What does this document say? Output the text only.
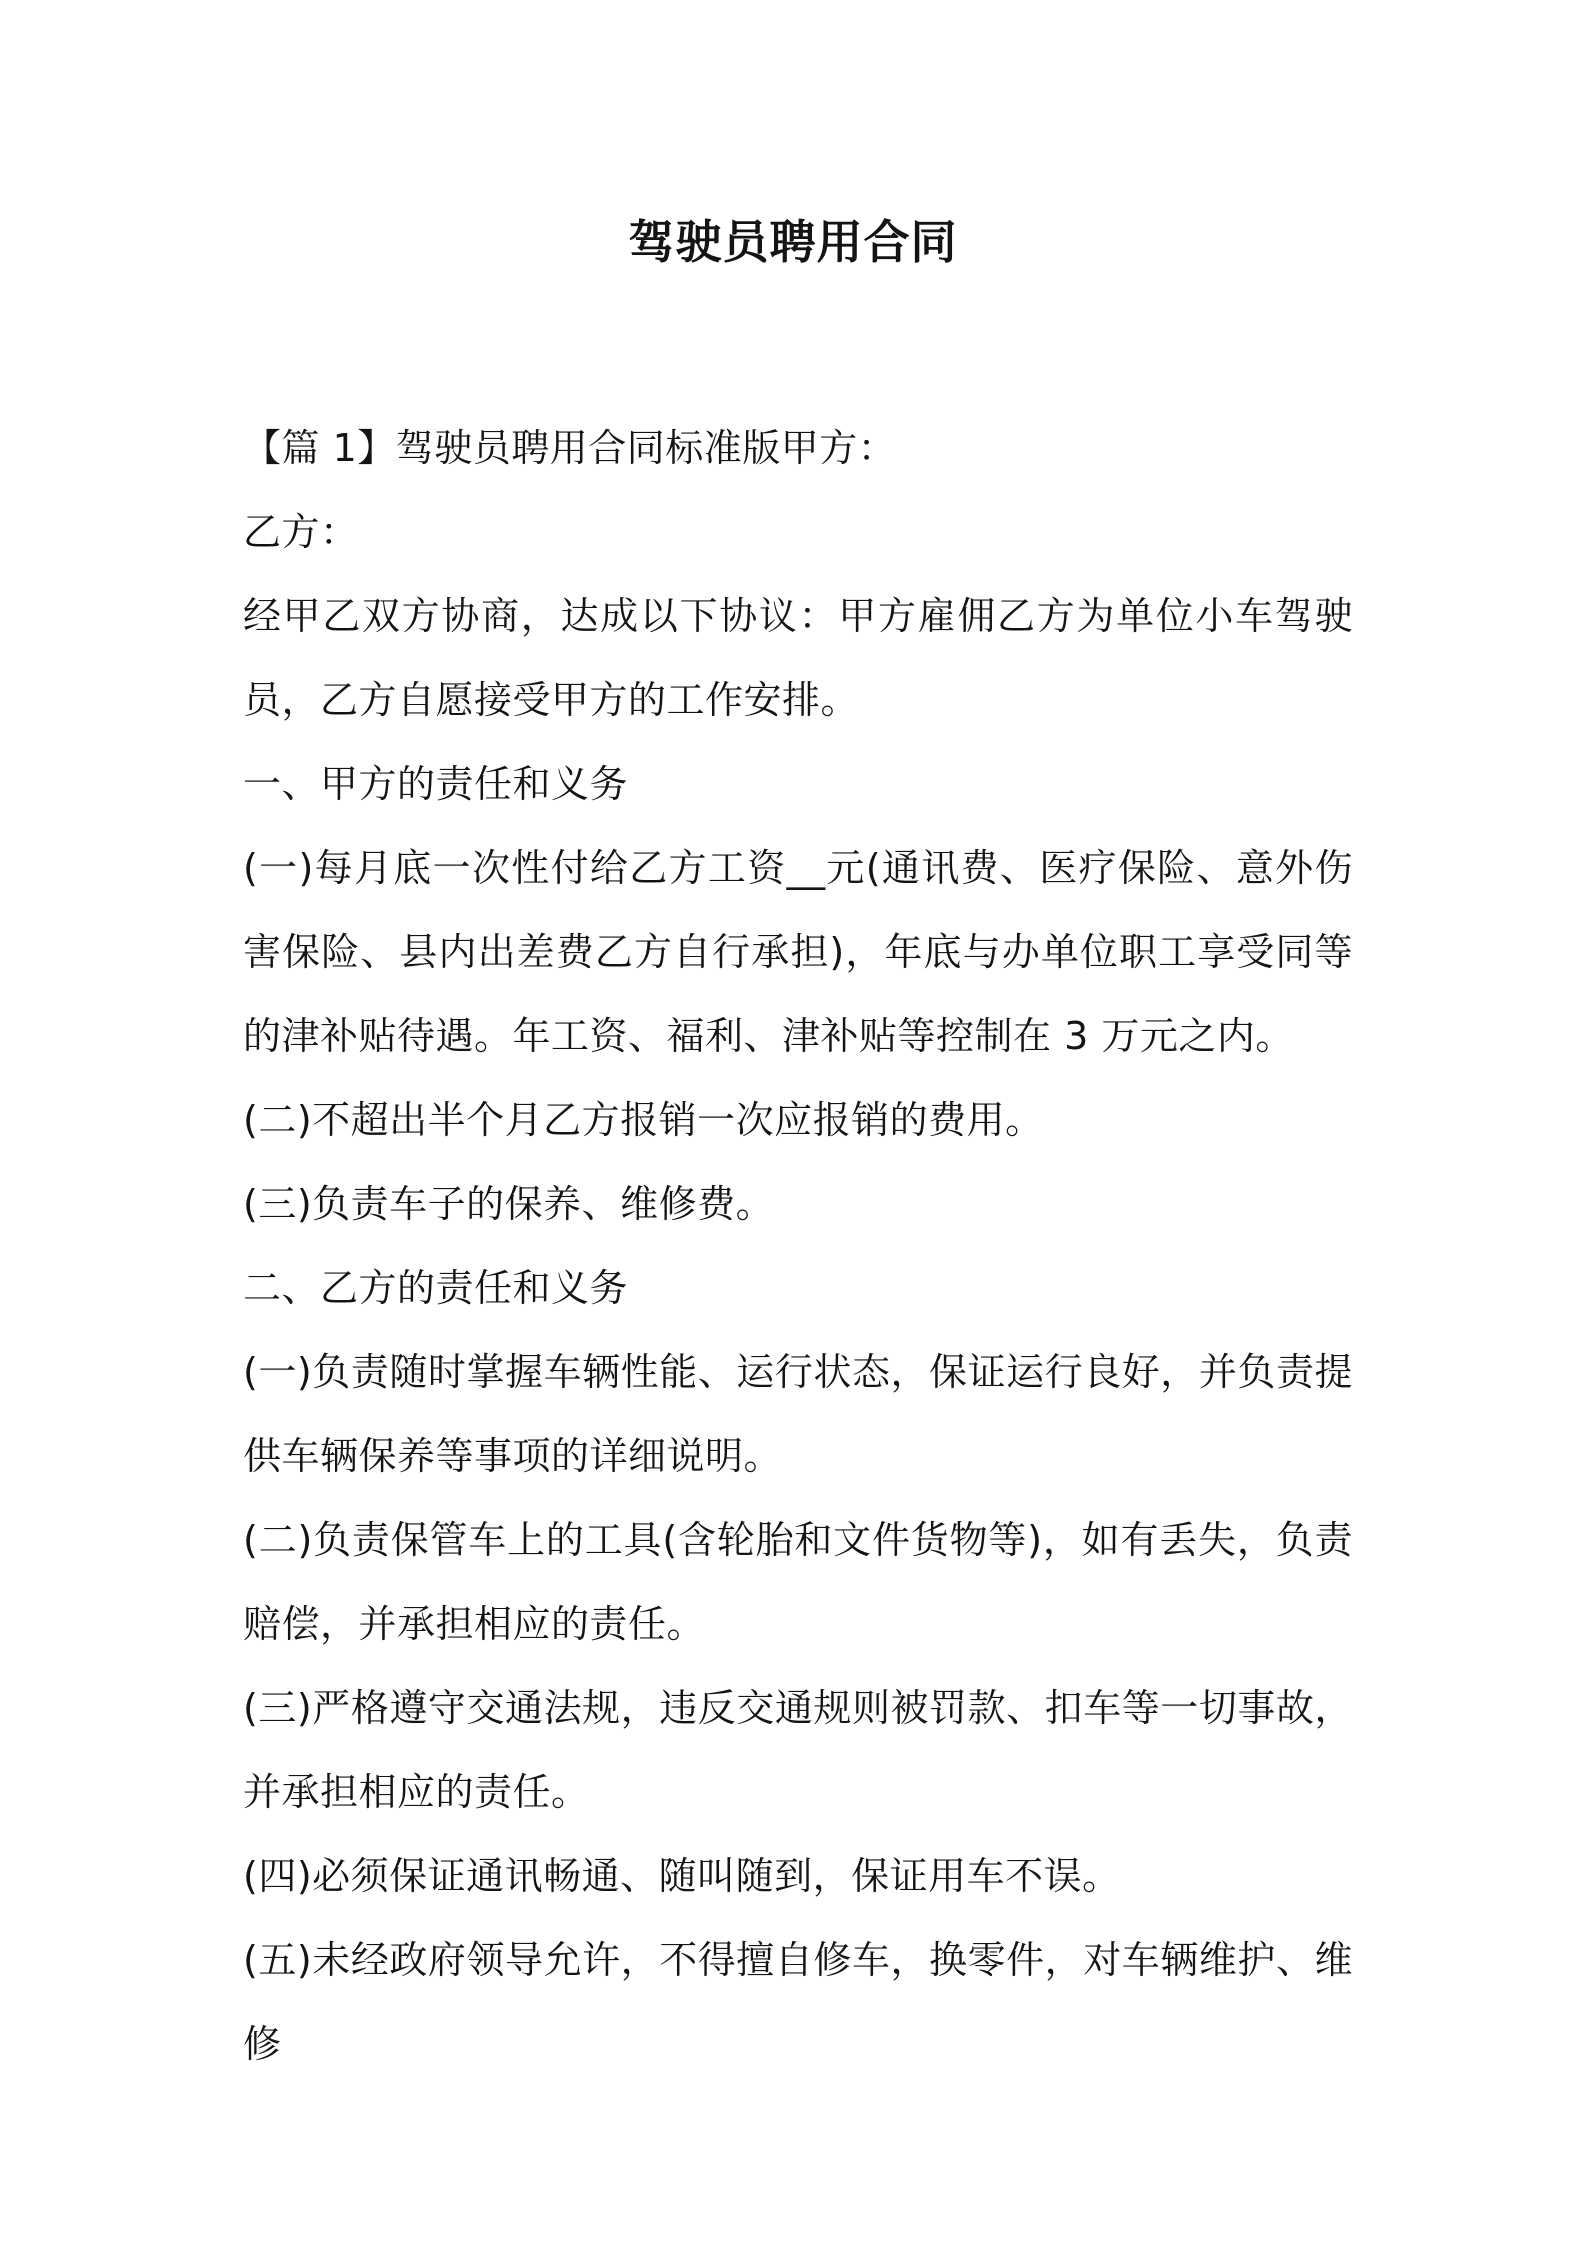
驾驶员聘用合同

【篇 1】驾驶员聘用合同标准版甲方：

乙方：

经甲乙双方协商，达成以下协议：甲方雇佣乙方为单位小车驾驶员，乙方自愿接受甲方的工作安排。

一、甲方的责任和义务

(一)每月底一次性付给乙方工资__元(通讯费、医疗保险、意外伤害保险、县内出差费乙方自行承担)，年底与办单位职工享受同等的津补贴待遇。年工资、福利、津补贴等控制在 3 万元之内。

(二)不超出半个月乙方报销一次应报销的费用。

(三)负责车子的保养、维修费。

二、乙方的责任和义务

(一)负责随时掌握车辆性能、运行状态，保证运行良好，并负责提供车辆保养等事项的详细说明。

(二)负责保管车上的工具(含轮胎和文件货物等)，如有丢失，负责赔偿，并承担相应的责任。

(三)严格遵守交通法规，违反交通规则被罚款、扣车等一切事故，并承担相应的责任。

(四)必须保证通讯畅通、随叫随到，保证用车不误。

(五)未经政府领导允许，不得擅自修车，换零件，对车辆维护、维修
